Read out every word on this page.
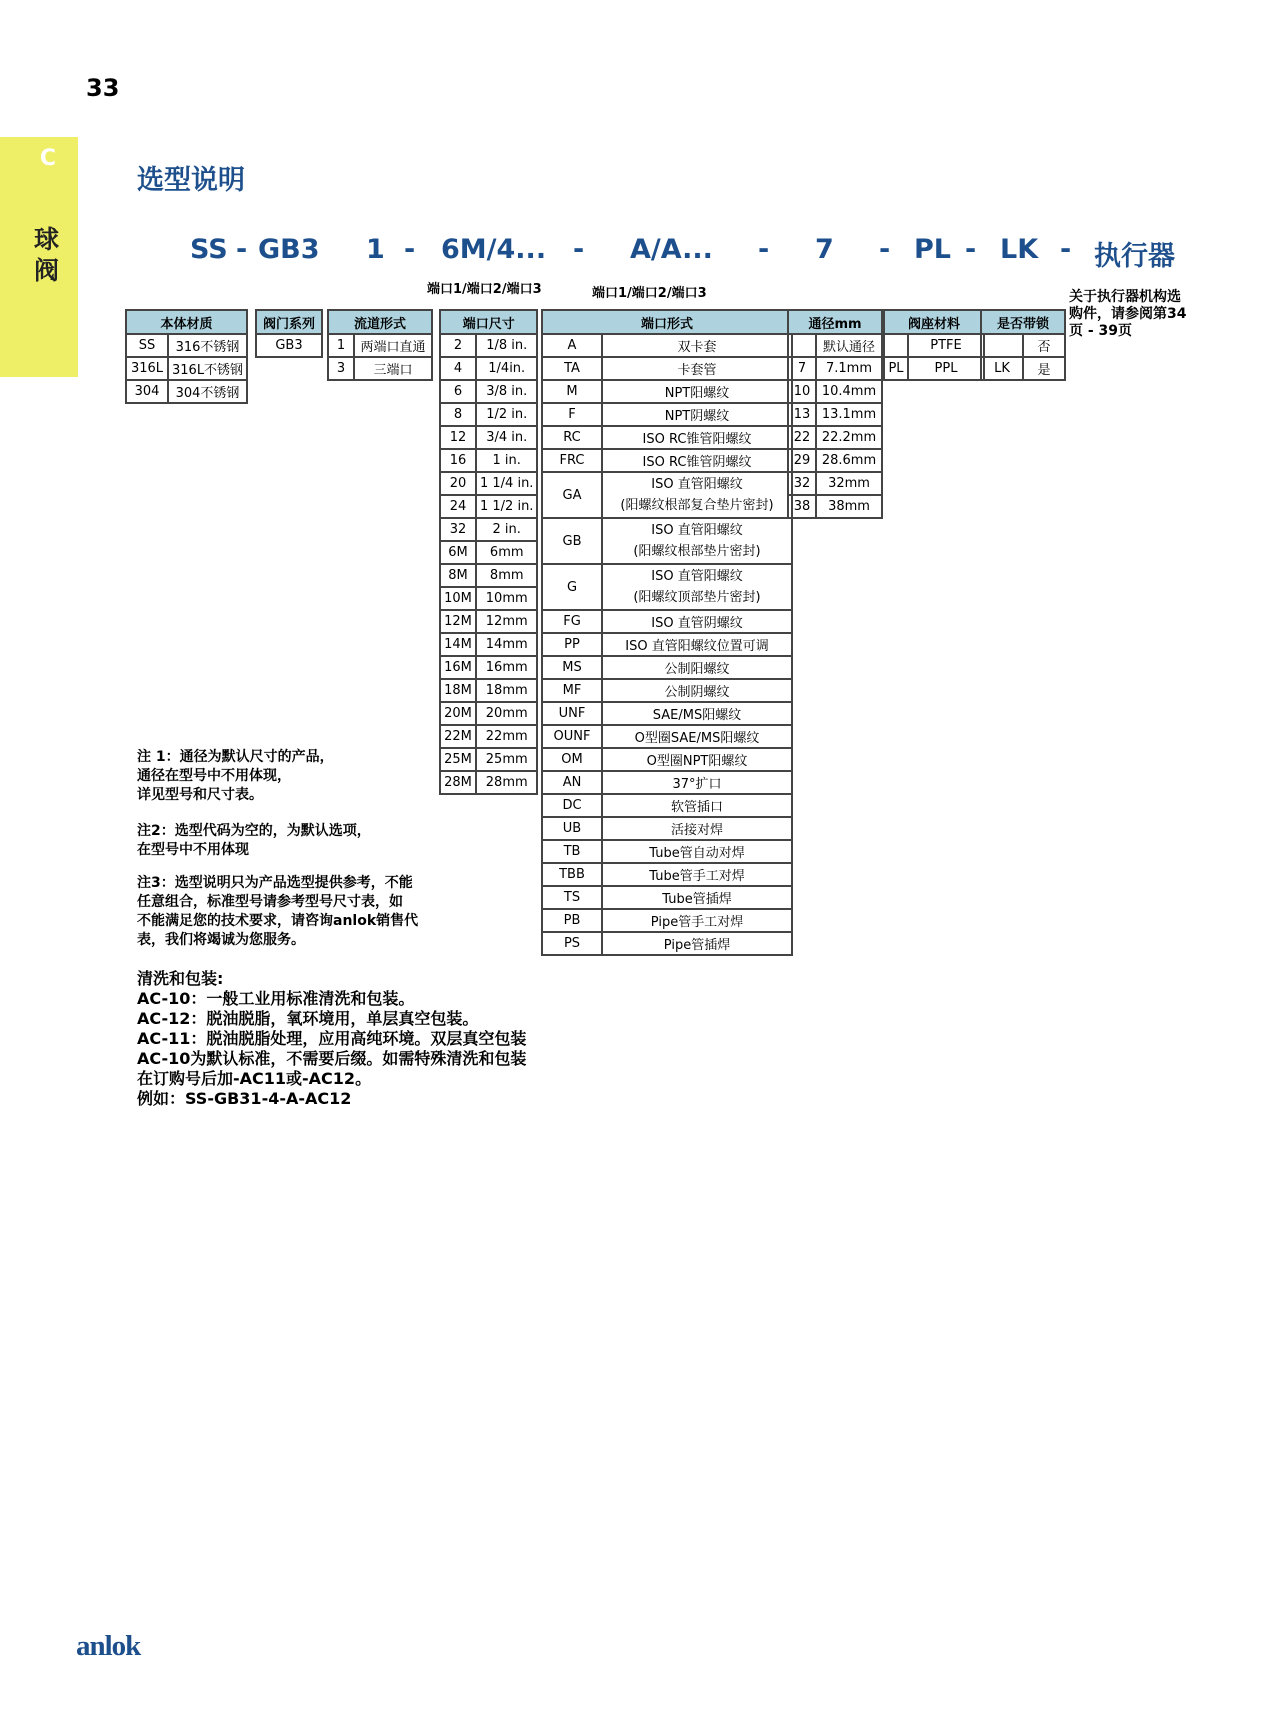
33
C
球阀
选型说明
SS - GB3 1 - 6M/4... - A/A... - 7 - PL - LK - 执行器
端口1/端口2/端口3	端口1/端口2/端口3	关于执行器机构选购件，请参阅第34页 - 39页
本体材质	
SS	316不锈钢
316L	316L不锈钢
304	304不锈钢
阀门系列
GB3
流道形式	
1	两端口直通
3	三端口
端口尺寸	
2	1/8 in.
4	1/4in.
6	3/8 in.
8	1/2 in.
12	3/4 in.
16	1 in.
20	1 1/4 in.
24	1 1/2 in.
32	2 in.
6M	6mm
8M	8mm
10M	10mm
12M	12mm
14M	14mm
16M	16mm
18M	18mm
20M	20mm
22M	22mm
25M	25mm
28M	28mm
端口形式	
A	双卡套
TA	卡套管
M	NPT阳螺纹
F	NPT阴螺纹
RC	ISO RC锥管阳螺纹
FRC	ISO RC锥管阴螺纹
GA	ISO 直管阳螺纹
(阳螺纹根部复合垫片密封)

GB	ISO 直管阳螺纹
(阳螺纹根部垫片密封)

G	ISO 直管阳螺纹
(阳螺纹顶部垫片密封)

FG	ISO 直管阴螺纹
PP	ISO 直管阳螺纹位置可调
MS	公制阳螺纹
MF	公制阴螺纹
UNF	SAE/MS阳螺纹
OUNF	O型圈SAE/MS阳螺纹
OM	O型圈NPT阳螺纹
AN	37°扩口
DC	软管插口
UB	活接对焊
TB	Tube管自动对焊
TBB	Tube管手工对焊
TS	Tube管插焊
PB	Pipe管手工对焊
PS	Pipe管插焊
通径mm	
	默认通径
7	7.1mm
10	10.4mm
13	13.1mm
22	22.2mm
29	28.6mm
32	32mm
38	38mm
阀座材料	
	PTFE
PL	PPL
是否带锁	
	否
LK	是
注 1：通径为默认尺寸的产品，
通径在型号中不用体现，
详见型号和尺寸表。
注2：选型代码为空的，为默认选项，
在型号中不用体现
注3：选型说明只为产品选型提供参考，不能
任意组合，标准型号请参考型号尺寸表，如
不能满足您的技术要求，请咨询anlok销售代
表，我们将竭诚为您服务。
清洗和包装:
AC-10：一般工业用标准清洗和包装。
AC-12：脱油脱脂，氧环境用，单层真空包装。
AC-11：脱油脱脂处理，应用高纯环境。双层真空包装
AC-10为默认标准，不需要后缀。如需特殊清洗和包装
在订购号后加-AC11或-AC12。
例如：SS-GB31-4-A-AC12
anlok
